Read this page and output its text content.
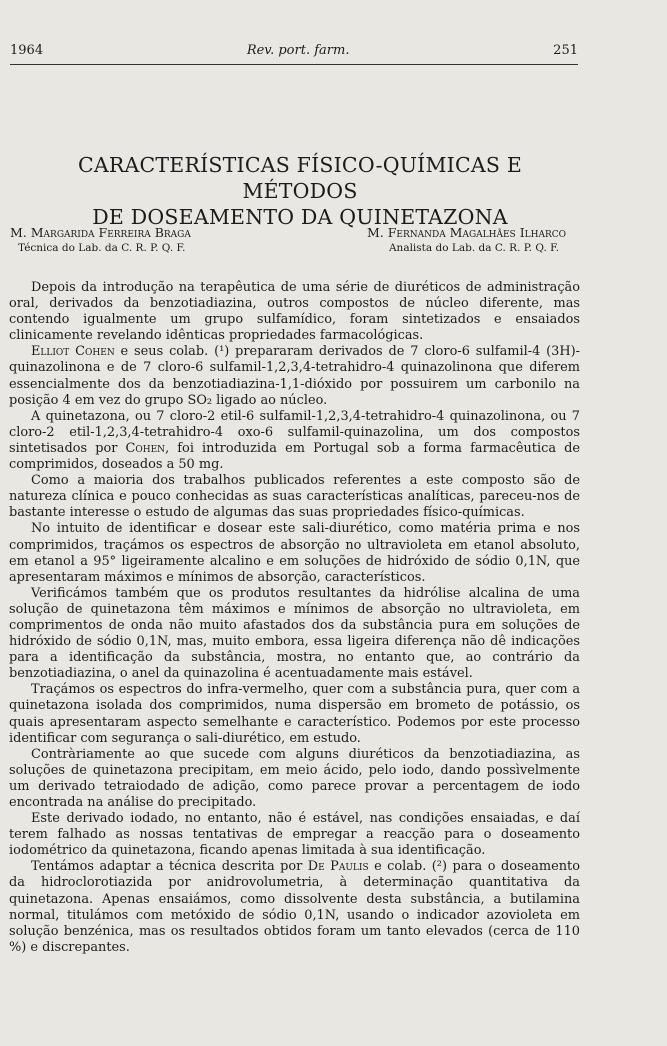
1964	Rev. port. farm.	251
CARACTERÍSTICAS FÍSICO-QUÍMICAS E MÉTODOS
DE DOSEAMENTO DA QUINETAZONA
M. Margarida Ferreira Braga
Técnica do Lab. da C. R. P. Q. F.
M. Fernanda Magalhães Ilharco
Analista do Lab. da C. R. P. Q. F.

Depois da introdução na terapêutica de uma série de diuréticos de administração oral, derivados da benzotiadiazina, outros compostos de núcleo diferente, mas contendo igualmente um grupo sulfamídico, foram sintetizados e ensaiados clinicamente revelando idênticas propriedades farmacológicas.

Elliot Cohen e seus colab. (¹) prepararam derivados de 7 cloro-6 sulfamil-4 (3H)-quinazolinona e de 7 cloro-6 sulfamil-1,2,3,4-tetrahidro-4 quinazolinona que diferem essencialmente dos da benzotiadiazina-1,1-dióxido por possuirem um carbonilo na posição 4 em vez do grupo SO₂ ligado ao núcleo.

A quinetazona, ou 7 cloro-2 etil-6 sulfamil-1,2,3,4-tetrahidro-4 quinazolinona, ou 7 cloro-2 etil-1,2,3,4-tetrahidro-4 oxo-6 sulfamil-quinazolina, um dos compostos sintetisados por Cohen, foi introduzida em Portugal sob a forma farmacêutica de comprimidos, doseados a 50 mg.

Como a maioria dos trabalhos publicados referentes a este composto são de natureza clínica e pouco conhecidas as suas características analíticas, pareceu-nos de bastante interesse o estudo de algumas das suas propriedades físico-químicas.

No intuito de identificar e dosear este sali-diurético, como matéria prima e nos comprimidos, traçámos os espectros de absorção no ultravioleta em etanol absoluto, em etanol a 95° ligeiramente alcalino e em soluções de hidróxido de sódio 0,1N, que apresentaram máximos e mínimos de absorção, característicos.

Verificámos também que os produtos resultantes da hidrólise alcalina de uma solução de quinetazona têm máximos e mínimos de absorção no ultravioleta, em comprimentos de onda não muito afastados dos da substância pura em soluções de hidróxido de sódio 0,1N, mas, muito embora, essa ligeira diferença não dê indicações para a identificação da substância, mostra, no entanto que, ao contrário da benzotiadiazina, o anel da quinazolina é acentuadamente mais estável.

Traçámos os espectros do infra-vermelho, quer com a substância pura, quer com a quinetazona isolada dos comprimidos, numa dispersão em brometo de potássio, os quais apresentaram aspecto semelhante e característico. Podemos por este processo identificar com segurança o sali-diurético, em estudo.

Contràriamente ao que sucede com alguns diuréticos da benzotiadiazina, as soluções de quinetazona precipitam, em meio ácido, pelo iodo, dando possìvelmente um derivado tetraiodado de adição, como parece provar a percentagem de iodo encontrada na análise do precipitado.

Este derivado iodado, no entanto, não é estável, nas condições ensaiadas, e daí terem falhado as nossas tentativas de empregar a reacção para o doseamento iodométrico da quinetazona, ficando apenas limitada à sua identificação.

Tentámos adaptar a técnica descrita por De Paulis e colab. (²) para o doseamento da hidroclorotiazida por anidrovolumetria, à determinação quantitativa da quinetazona. Apenas ensaiámos, como dissolvente desta substância, a butilamina normal, titulámos com metóxido de sódio 0,1N, usando o indicador azovioleta em solução benzénica, mas os resultados obtidos foram um tanto elevados (cerca de 110 %) e discrepantes.
